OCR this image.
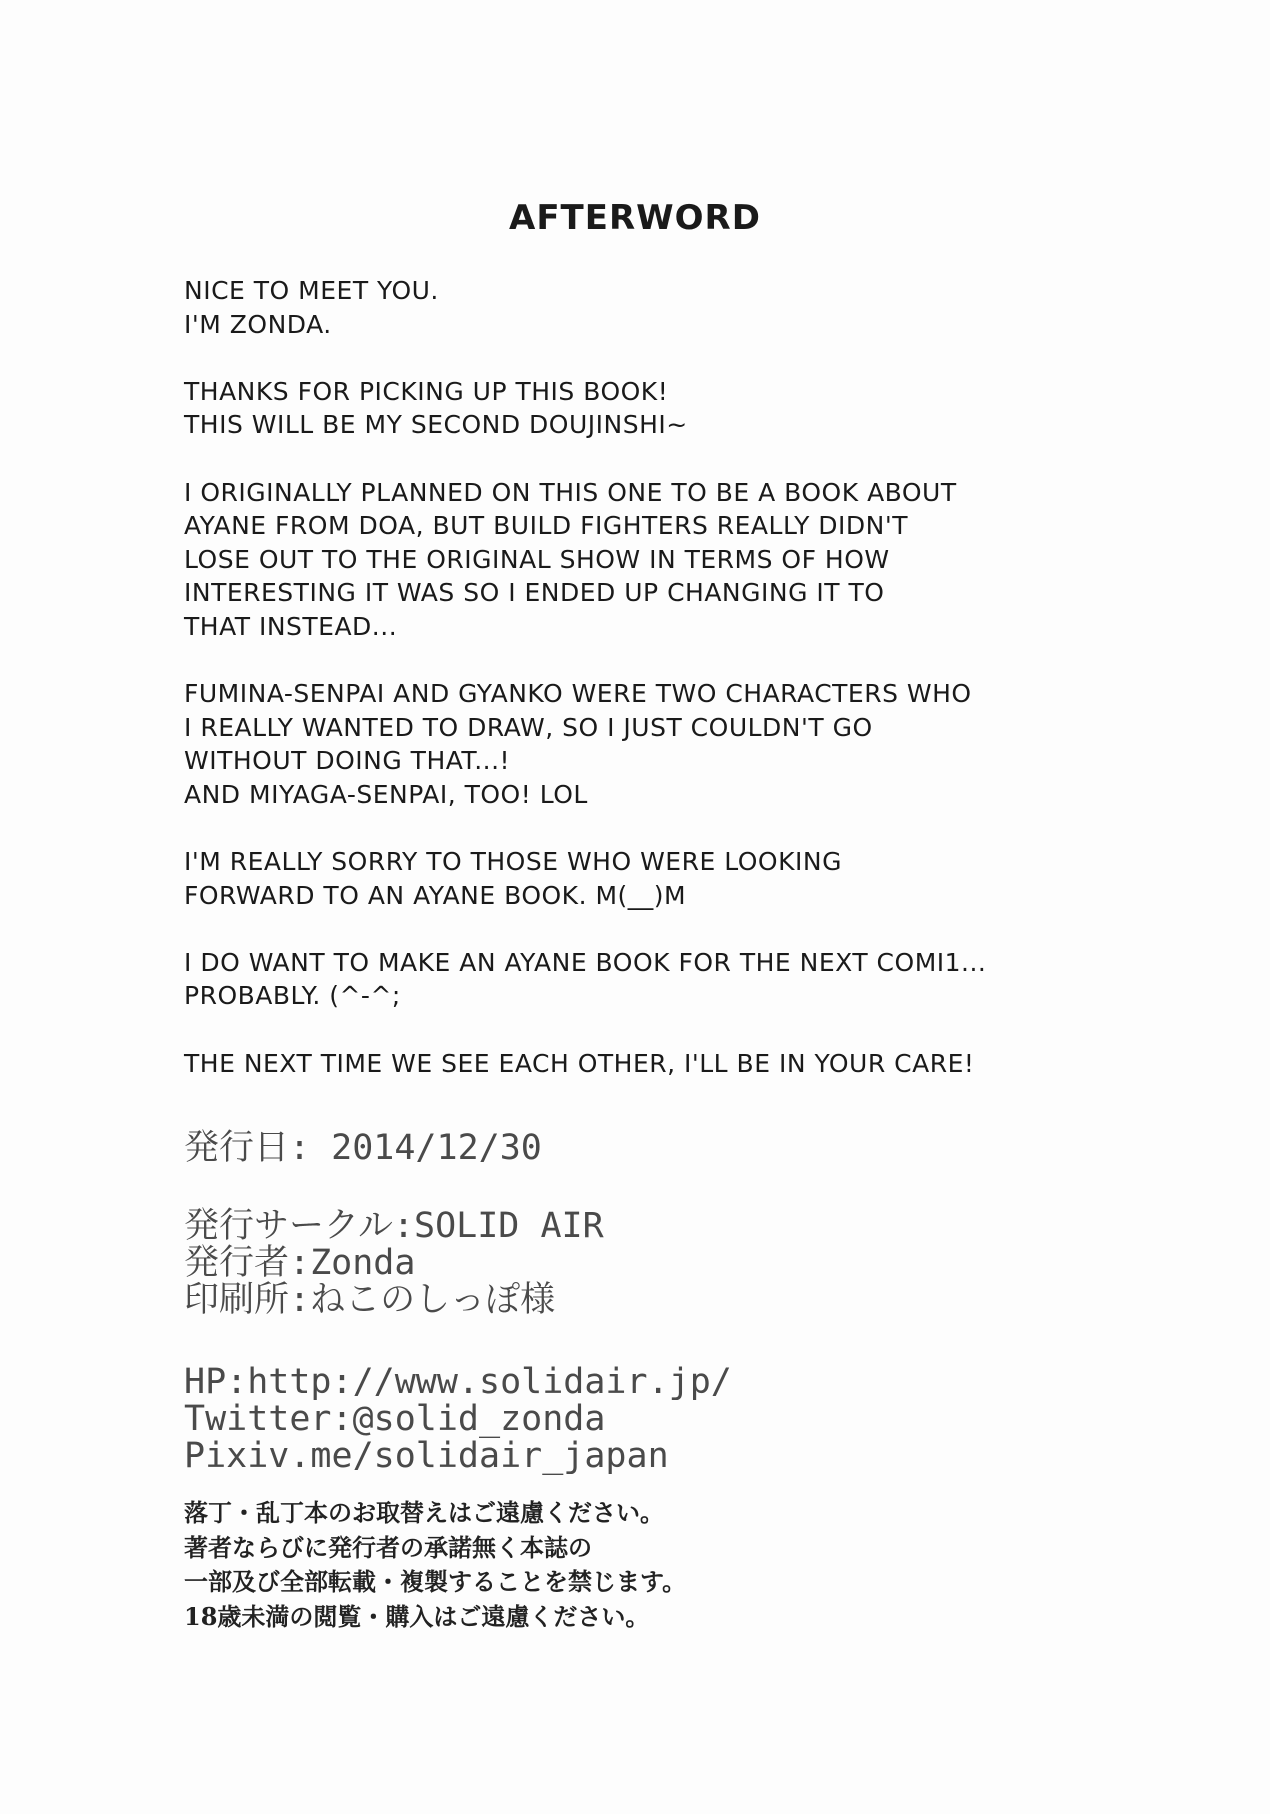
AFTERWORD

NICE TO MEET YOU.
I'M ZONDA.

THANKS FOR PICKING UP THIS BOOK!
THIS WILL BE MY SECOND DOUJINSHI~

I ORIGINALLY PLANNED ON THIS ONE TO BE A BOOK ABOUT
AYANE FROM DOA, BUT BUILD FIGHTERS REALLY DIDN'T
LOSE OUT TO THE ORIGINAL SHOW IN TERMS OF HOW
INTERESTING IT WAS SO I ENDED UP CHANGING IT TO
THAT INSTEAD...

FUMINA-SENPAI AND GYANKO WERE TWO CHARACTERS WHO
I REALLY WANTED TO DRAW, SO I JUST COULDN'T GO
WITHOUT DOING THAT...!
AND MIYAGA-SENPAI, TOO! LOL

I'M REALLY SORRY TO THOSE WHO WERE LOOKING
FORWARD TO AN AYANE BOOK. M(__)M

I DO WANT TO MAKE AN AYANE BOOK FOR THE NEXT COMI1...
PROBABLY. (^-^;

THE NEXT TIME WE SEE EACH OTHER, I'LL BE IN YOUR CARE!

発行日: 2014/12/30
発行サークル:SOLID AIR
発行者:Zonda
印刷所:ねこのしっぽ様
HP:http://www.solidair.jp/
Twitter:@solid_zonda
Pixiv.me/solidair_japan
落丁・乱丁本のお取替えはご遠慮ください。
著者ならびに発行者の承諾無く本誌の
一部及び全部転載・複製することを禁じます。
18歳未満の閲覧・購入はご遠慮ください。
